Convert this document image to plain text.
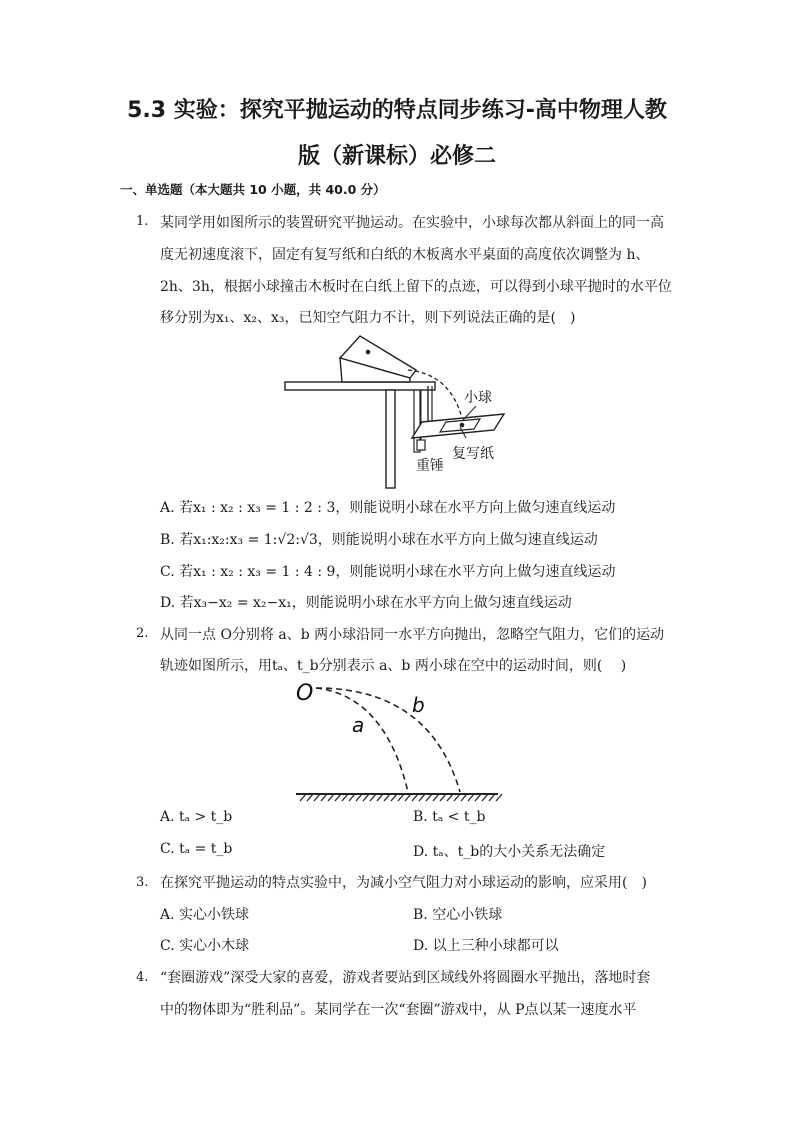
5.3 实验：探究平抛运动的特点同步练习-高中物理人教
版（新课标）必修二
一、单选题（本大题共 10 小题，共 40.0 分）
1. 某同学用如图所示的装置研究平抛运动。在实验中，小球每次都从斜面上的同一高
度无初速度滚下，固定有复写纸和白纸的木板离水平桌面的高度依次调整为 h、
2h、3h，根据小球撞击木板时在白纸上留下的点迹，可以得到小球平抛时的水平位
移分别为x₁、x₂、x₃，已知空气阻力不计，则下列说法正确的是(　)
小球
重锤
复写纸
A. 若x₁ : x₂ : x₃ = 1 : 2 : 3，则能说明小球在水平方向上做匀速直线运动
B. 若x₁:x₂:x₃ = 1:√2:√3，则能说明小球在水平方向上做匀速直线运动
C. 若x₁ : x₂ : x₃ = 1 : 4 : 9，则能说明小球在水平方向上做匀速直线运动
D. 若x₃−x₂ = x₂−x₁，则能说明小球在水平方向上做匀速直线运动
2. 从同一点 O分别将 a、b 两小球沿同一水平方向抛出，忽略空气阻力，它们的运动
轨迹如图所示，用tₐ、t_b分别表示 a、b 两小球在空中的运动时间，则(　 )
O
a
b
A. tₐ > t_b	B. tₐ < t_b
C. tₐ = t_b	D. tₐ、t_b的大小关系无法确定
3. 在探究平抛运动的特点实验中，为减小空气阻力对小球运动的影响，应采用(　)
A. 实心小铁球	B. 空心小铁球
C. 实心小木球	D. 以上三种小球都可以
4. “套圈游戏”深受大家的喜爱，游戏者要站到区域线外将圆圈水平抛出，落地时套
中的物体即为“胜利品”。某同学在一次“套圈”游戏中，从 P点以某一速度水平
